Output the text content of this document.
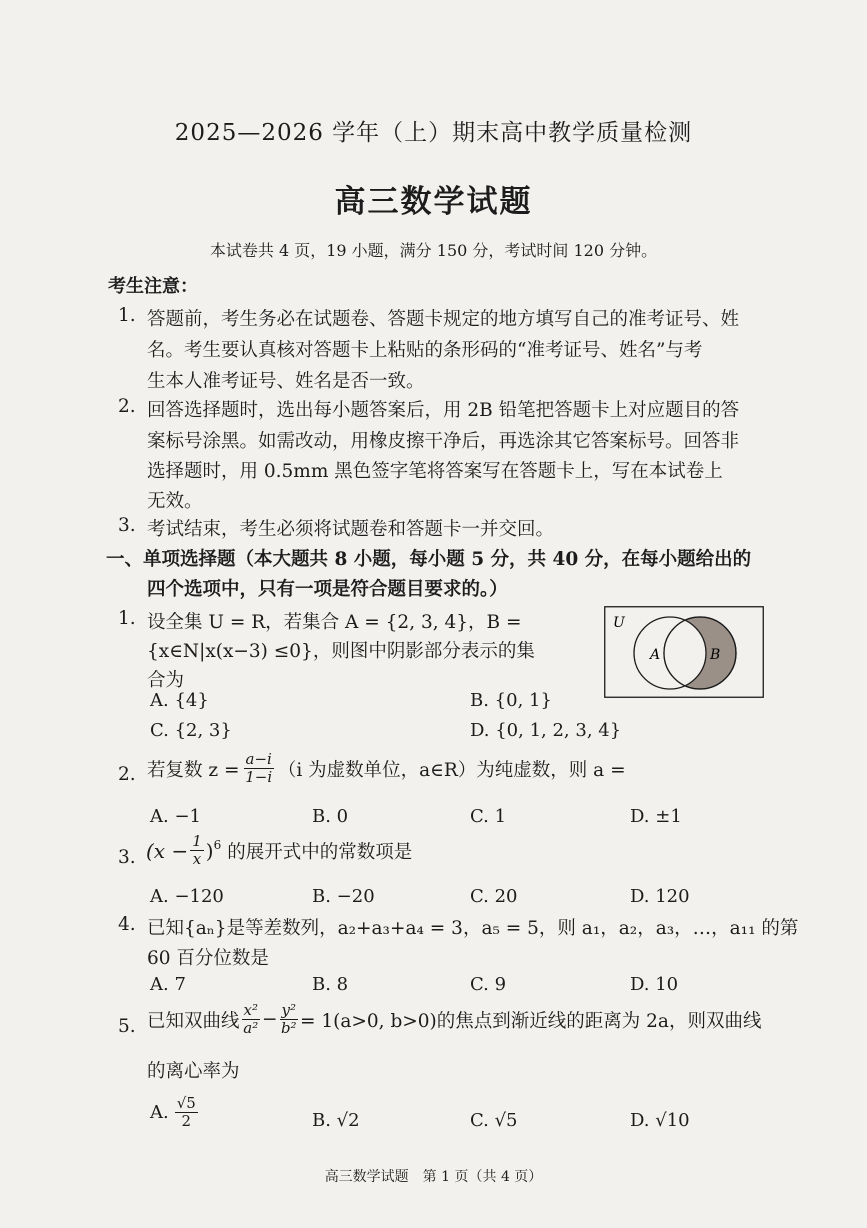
2025—2026 学年（上）期末高中教学质量检测
高三数学试题
本试卷共 4 页，19 小题，满分 150 分，考试时间 120 分钟。
考生注意：
1. 答题前，考生务必在试题卷、答题卡规定的地方填写自己的准考证号、姓
名。考生要认真核对答题卡上粘贴的条形码的“准考证号、姓名”与考
生本人准考证号、姓名是否一致。
2. 回答选择题时，选出每小题答案后，用 2B 铅笔把答题卡上对应题目的答
案标号涂黑。如需改动，用橡皮擦干净后，再选涂其它答案标号。回答非
选择题时，用 0.5mm 黑色签字笔将答案写在答题卡上，写在本试卷上
无效。
3. 考试结束，考生必须将试题卷和答题卡一并交回。
一、单项选择题（本大题共 8 小题，每小题 5 分，共 40 分，在每小题给出的
四个选项中，只有一项是符合题目要求的。）
1. 设全集 U = R，若集合 A = {2, 3, 4}，B =
{x∈N|x(x−3) ≤0}，则图中阴影部分表示的集
合为
U
A	B
A. {4}	B. {0, 1}
C. {2, 3}	D. {0, 1, 2, 3, 4}
2. 若复数 $z = \frac{a-i}{1-i} (i$ 为虚数单位，a∈R）为纯虚数，则 a =
A. −1	B. 0	C. 1	D. ±1
3. ($x - \frac{1}{x}$ ) 6 的展开式中的常数项是
A. −120	B. −20	C. 20	D. 120
4. 已知{aₙ}是等差数列，a₂+a₃+a₄ = 3，a₅ = 5，则 a₁，a₂，a₃，…，a₁₁ 的第
60 百分位数是
A. 7	B. 8	C. 9	D. 10
5. 已知双曲线 $\frac{\text{x²}}{\text{a²}} - \frac{\text{y²}}{\text{b²}} = 1(a>0$, b>0)的焦点到渐近线的距离为 2a，则双曲线
的离心率为
A. $\frac{√5}{2}$	B. √2	C. √5	D. √10
高三数学试题　第 1 页（共 4 页）
